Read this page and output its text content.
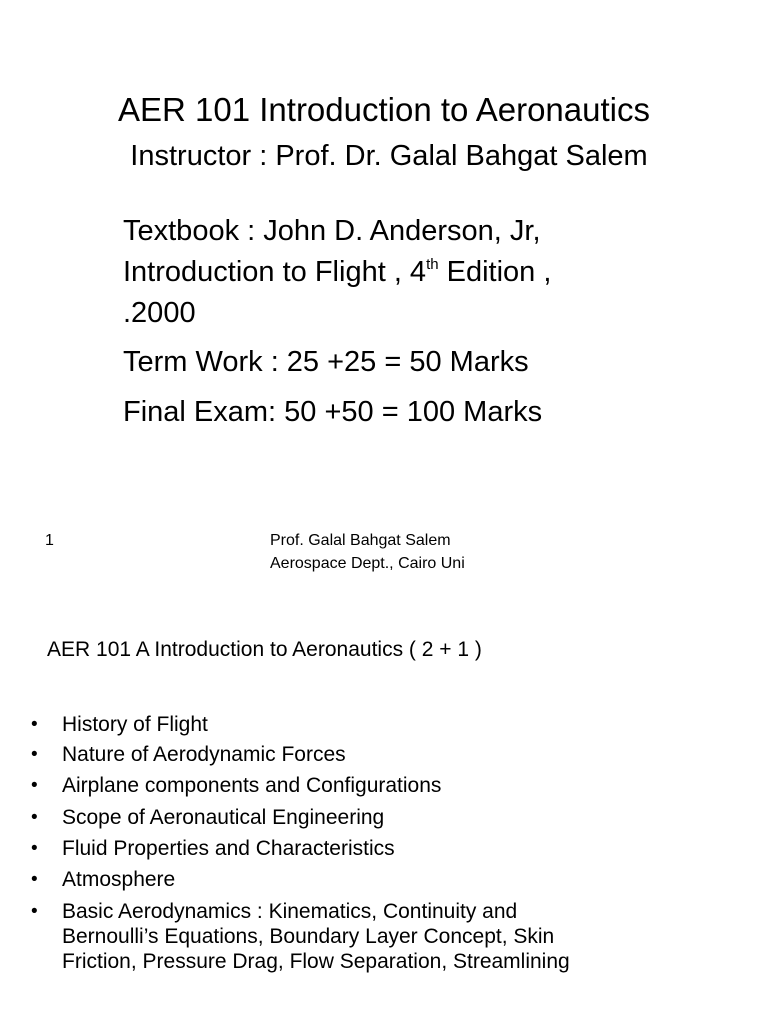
AER 101 Introduction to Aeronautics
Instructor : Prof. Dr. Galal Bahgat Salem
Textbook : John D. Anderson, Jr,
Introduction to Flight , 4th Edition ,
.2000
Term Work : 25 +25 = 50 Marks
Final Exam: 50 +50 = 100 Marks
1	Prof. Galal Bahgat Salem
Aerospace Dept., Cairo Uni
AER 101 A Introduction to Aeronautics ( 2 + 1 )
• History of Flight
• Nature of Aerodynamic Forces
• Airplane components and Configurations
• Scope of Aeronautical Engineering
• Fluid Properties and Characteristics
• Atmosphere
• Basic Aerodynamics : Kinematics, Continuity and
Bernoulli’s Equations, Boundary Layer Concept, Skin
Friction, Pressure Drag, Flow Separation, Streamlining
